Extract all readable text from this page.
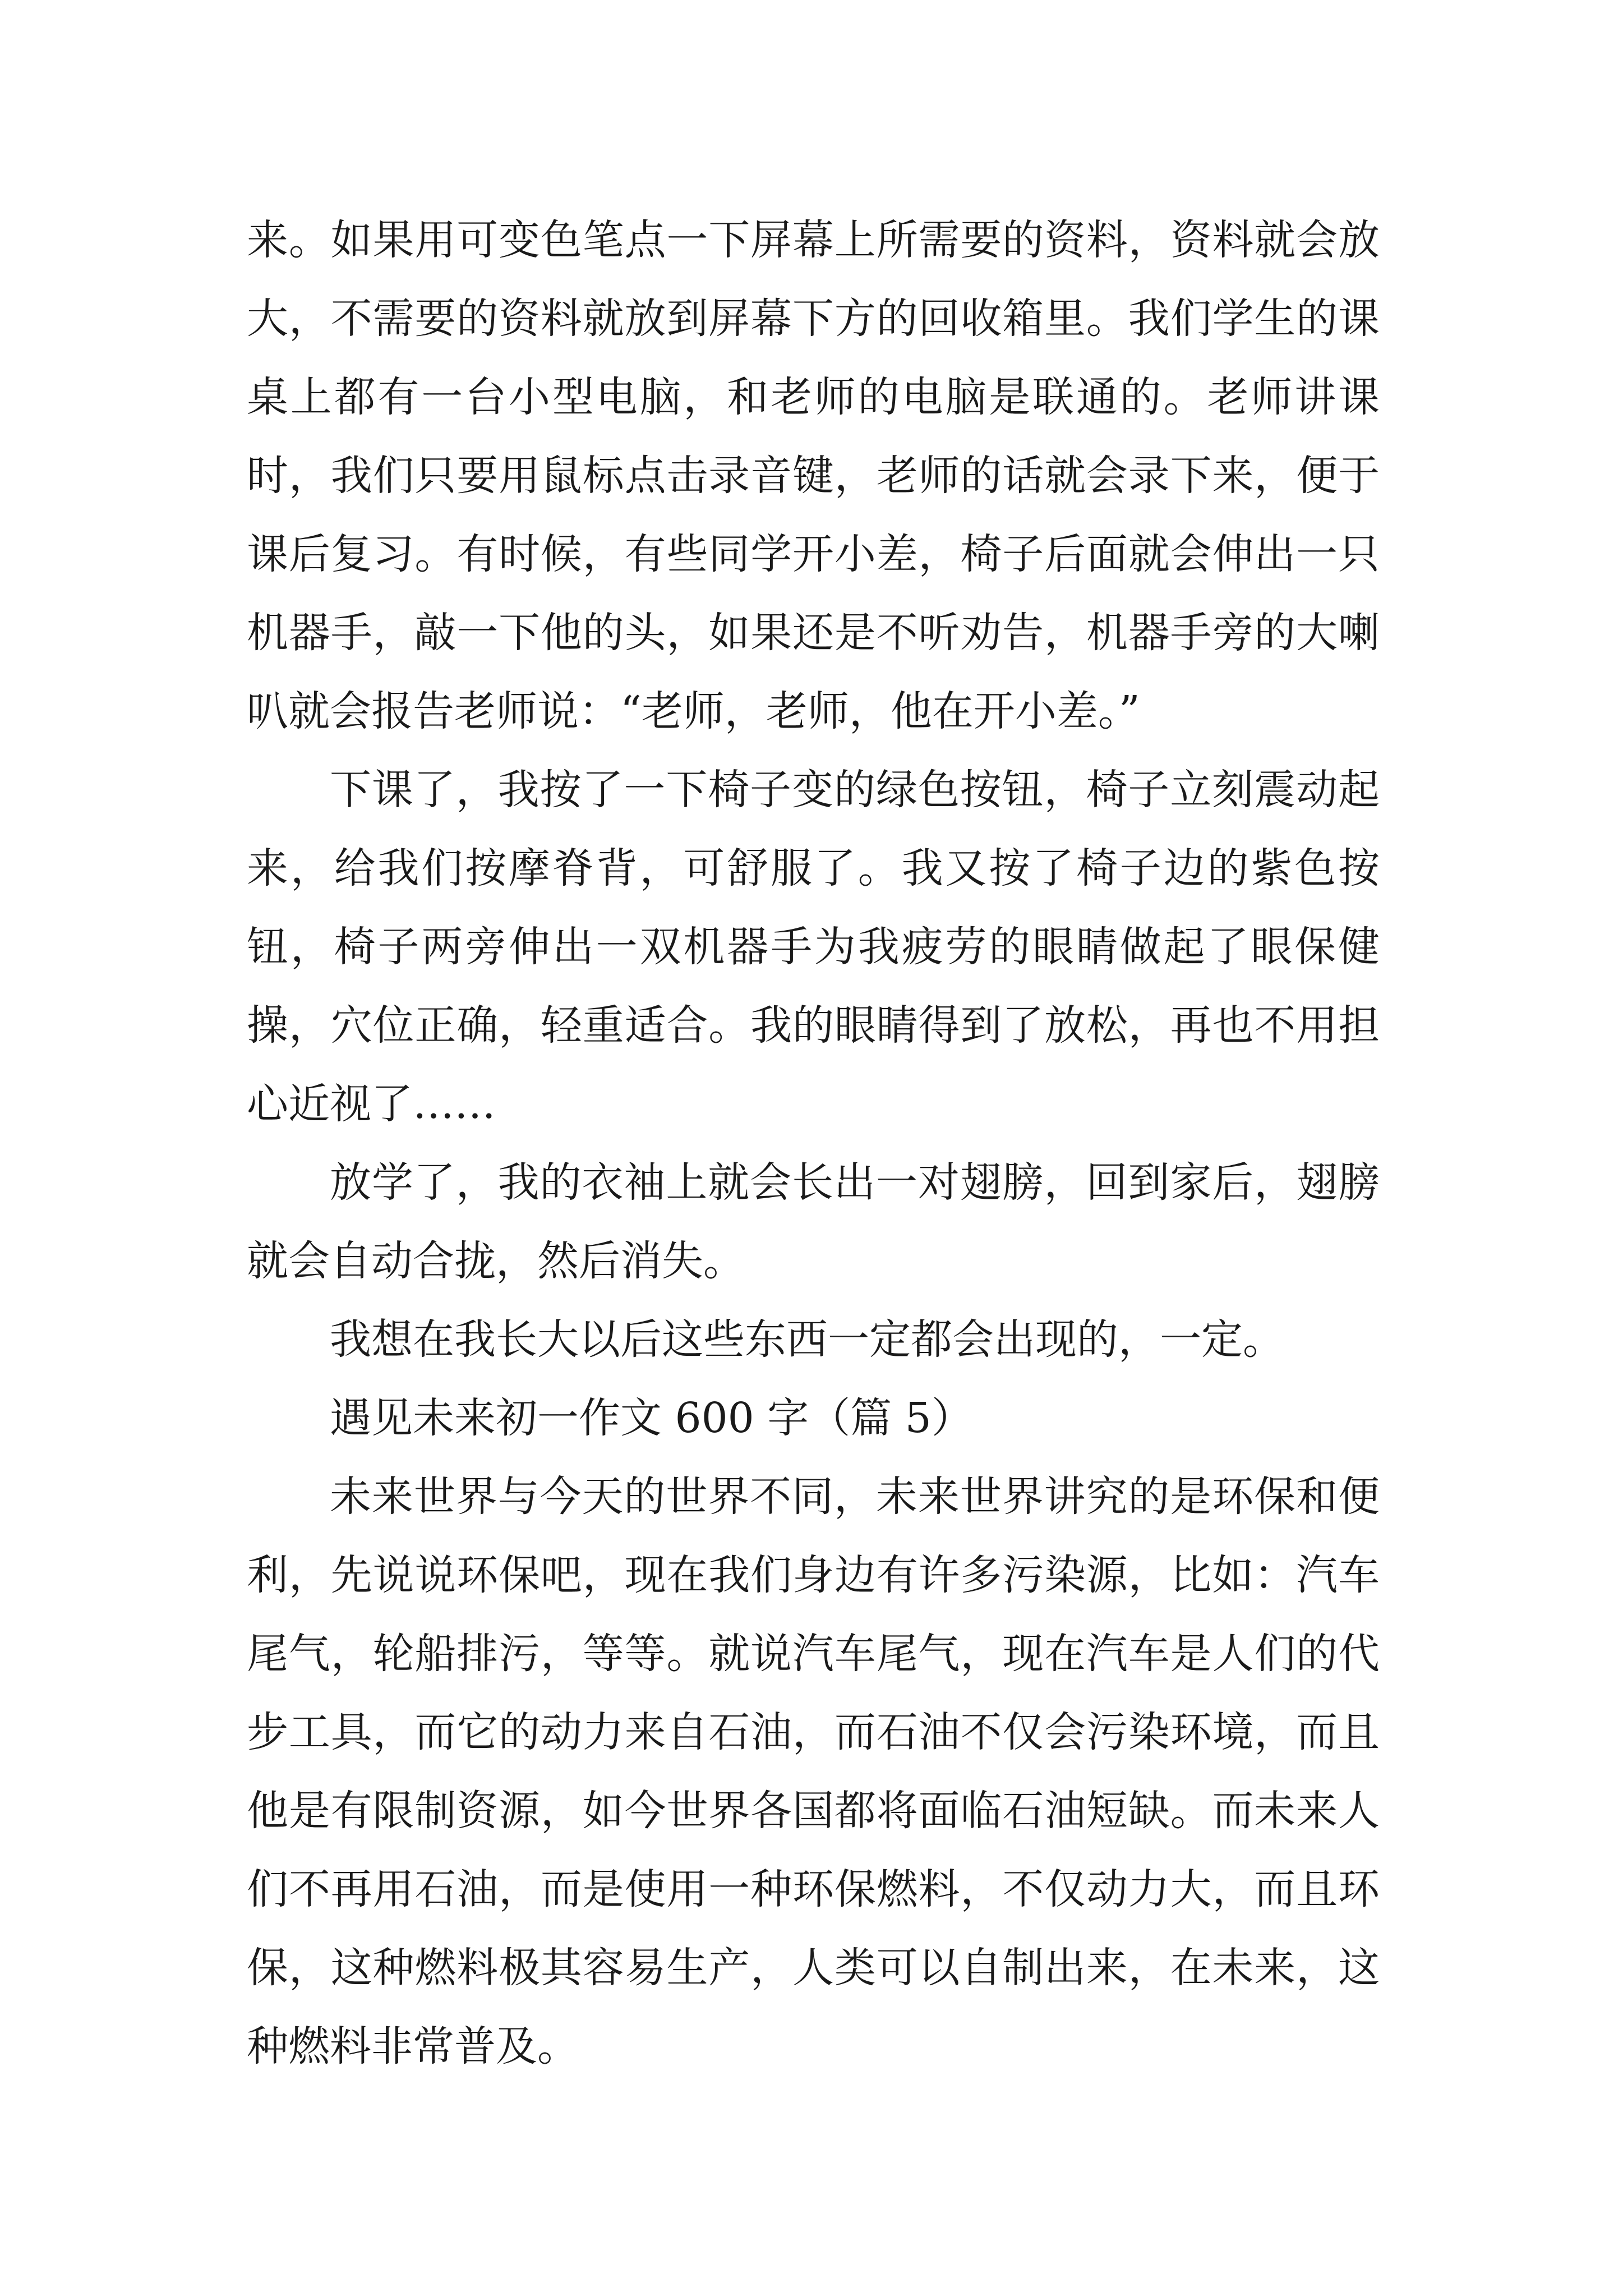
来。如果用可变色笔点一下屏幕上所需要的资料，资料就会放大，不需要的资料就放到屏幕下方的回收箱里。我们学生的课桌上都有一台小型电脑，和老师的电脑是联通的。老师讲课时，我们只要用鼠标点击录音键，老师的话就会录下来，便于课后复习。有时候，有些同学开小差，椅子后面就会伸出一只机器手，敲一下他的头，如果还是不听劝告，机器手旁的大喇叭就会报告老师说：“老师，老师，他在开小差。”

下课了，我按了一下椅子变的绿色按钮，椅子立刻震动起来，给我们按摩脊背，可舒服了。我又按了椅子边的紫色按钮，椅子两旁伸出一双机器手为我疲劳的眼睛做起了眼保健操，穴位正确，轻重适合。我的眼睛得到了放松，再也不用担心近视了……

放学了，我的衣袖上就会长出一对翅膀，回到家后，翅膀就会自动合拢，然后消失。

我想在我长大以后这些东西一定都会出现的，一定。

遇见未来初一作文 600 字（篇 5）

未来世界与今天的世界不同，未来世界讲究的是环保和便利，先说说环保吧，现在我们身边有许多污染源，比如：汽车尾气，轮船排污，等等。就说汽车尾气，现在汽车是人们的代步工具，而它的动力来自石油，而石油不仅会污染环境，而且他是有限制资源，如今世界各国都将面临石油短缺。而未来人们不再用石油，而是使用一种环保燃料，不仅动力大，而且环保，这种燃料极其容易生产，人类可以自制出来，在未来，这种燃料非常普及。
